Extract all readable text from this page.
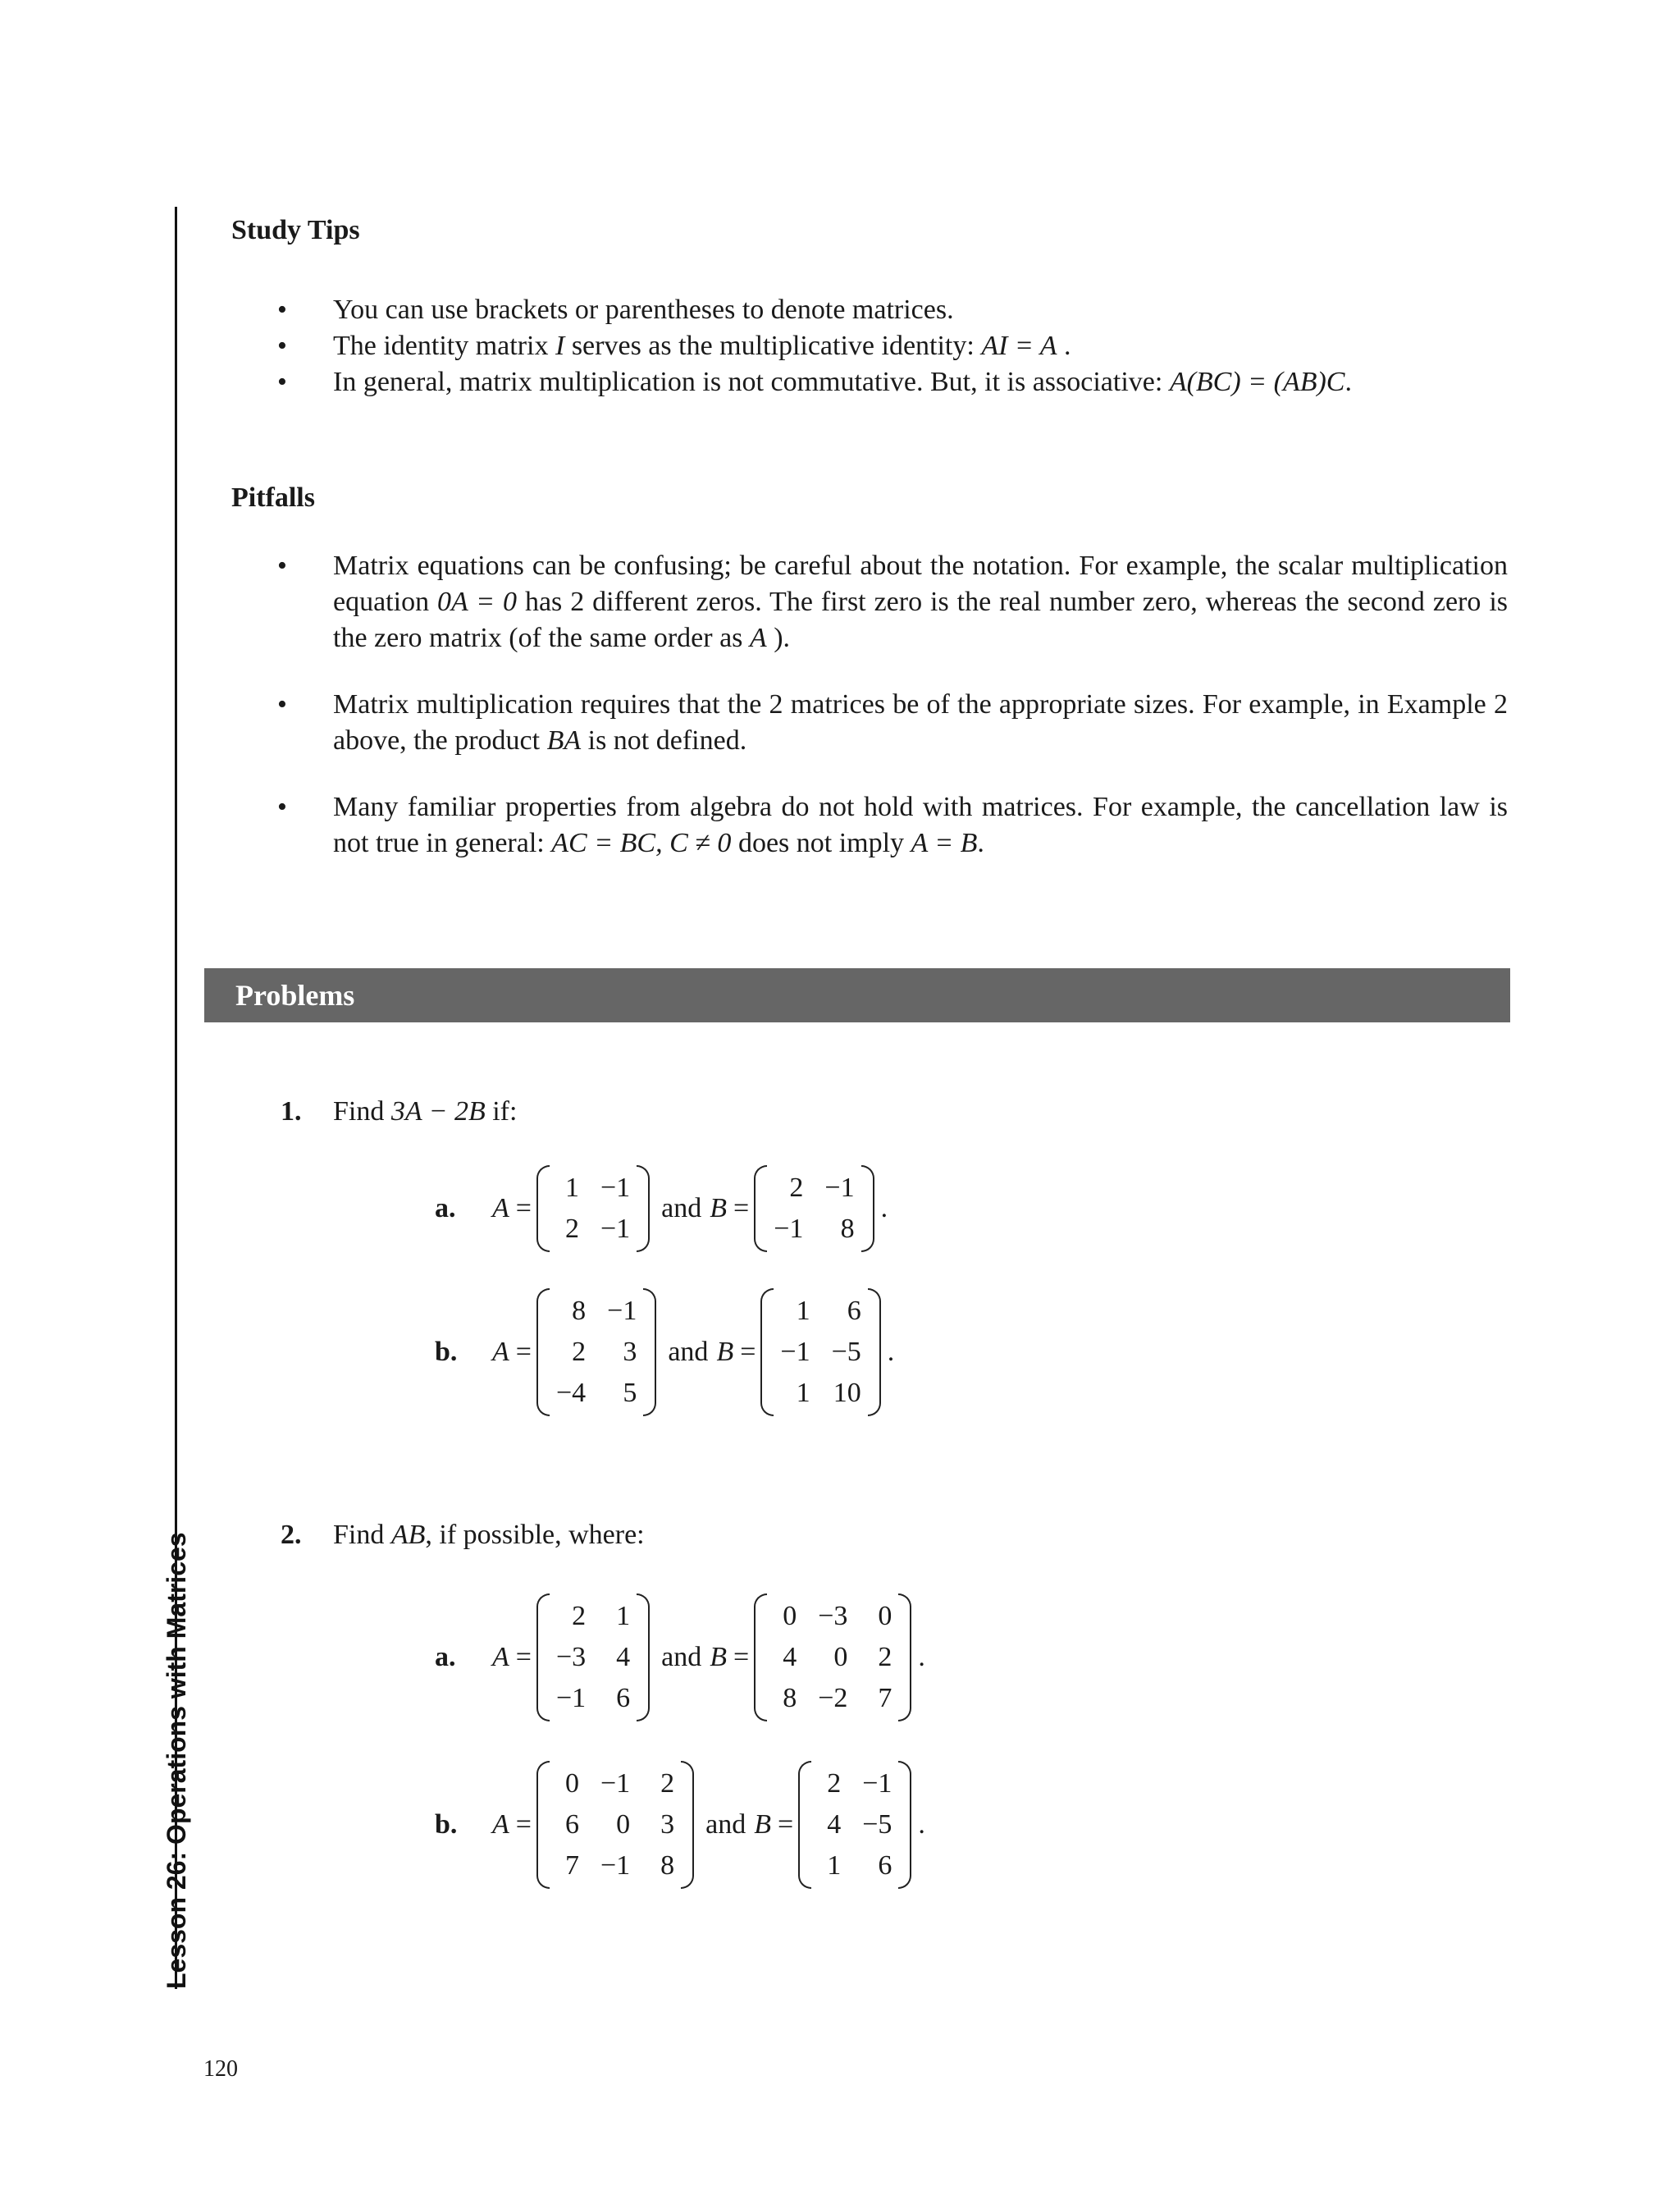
Lesson 26: Operations with Matrices
Study Tips
• You can use brackets or parentheses to denote matrices.
• The identity matrix I serves as the multiplicative identity: AI = A .
• In general, matrix multiplication is not commutative. But, it is associative: A(BC) = (AB)C.
Pitfalls
• Matrix equations can be confusing; be careful about the notation. For example, the scalar multiplication equation 0A = 0 has 2 different zeros. The first zero is the real number zero, whereas the second zero is the zero matrix (of the same order as A ).
• Matrix multiplication requires that the 2 matrices be of the appropriate sizes. For example, in Example 2 above, the product BA is not defined.
• Many familiar properties from algebra do not hold with matrices. For example, the cancellation law is not true in general: AC = BC, C ≠ 0 does not imply A = B.
Problems
1. Find 3A − 2B if:
a.	A =
1 −1
2 −1
and B =
2 −1
−1	8
.
b.	A =
8 −1
2	3
−4	5
and B =
1	6
−1 −5
1 10
.
2. Find AB, if possible, where:
a.	A =
2	1
−3	4
−1	6
and B =
0 −3	0
4	0	2
8 −2	7
.
b.	A =
0 −1	2
6	0	3
7 −1	8
and B =
2 −1
4 −5
1	6
.
120
